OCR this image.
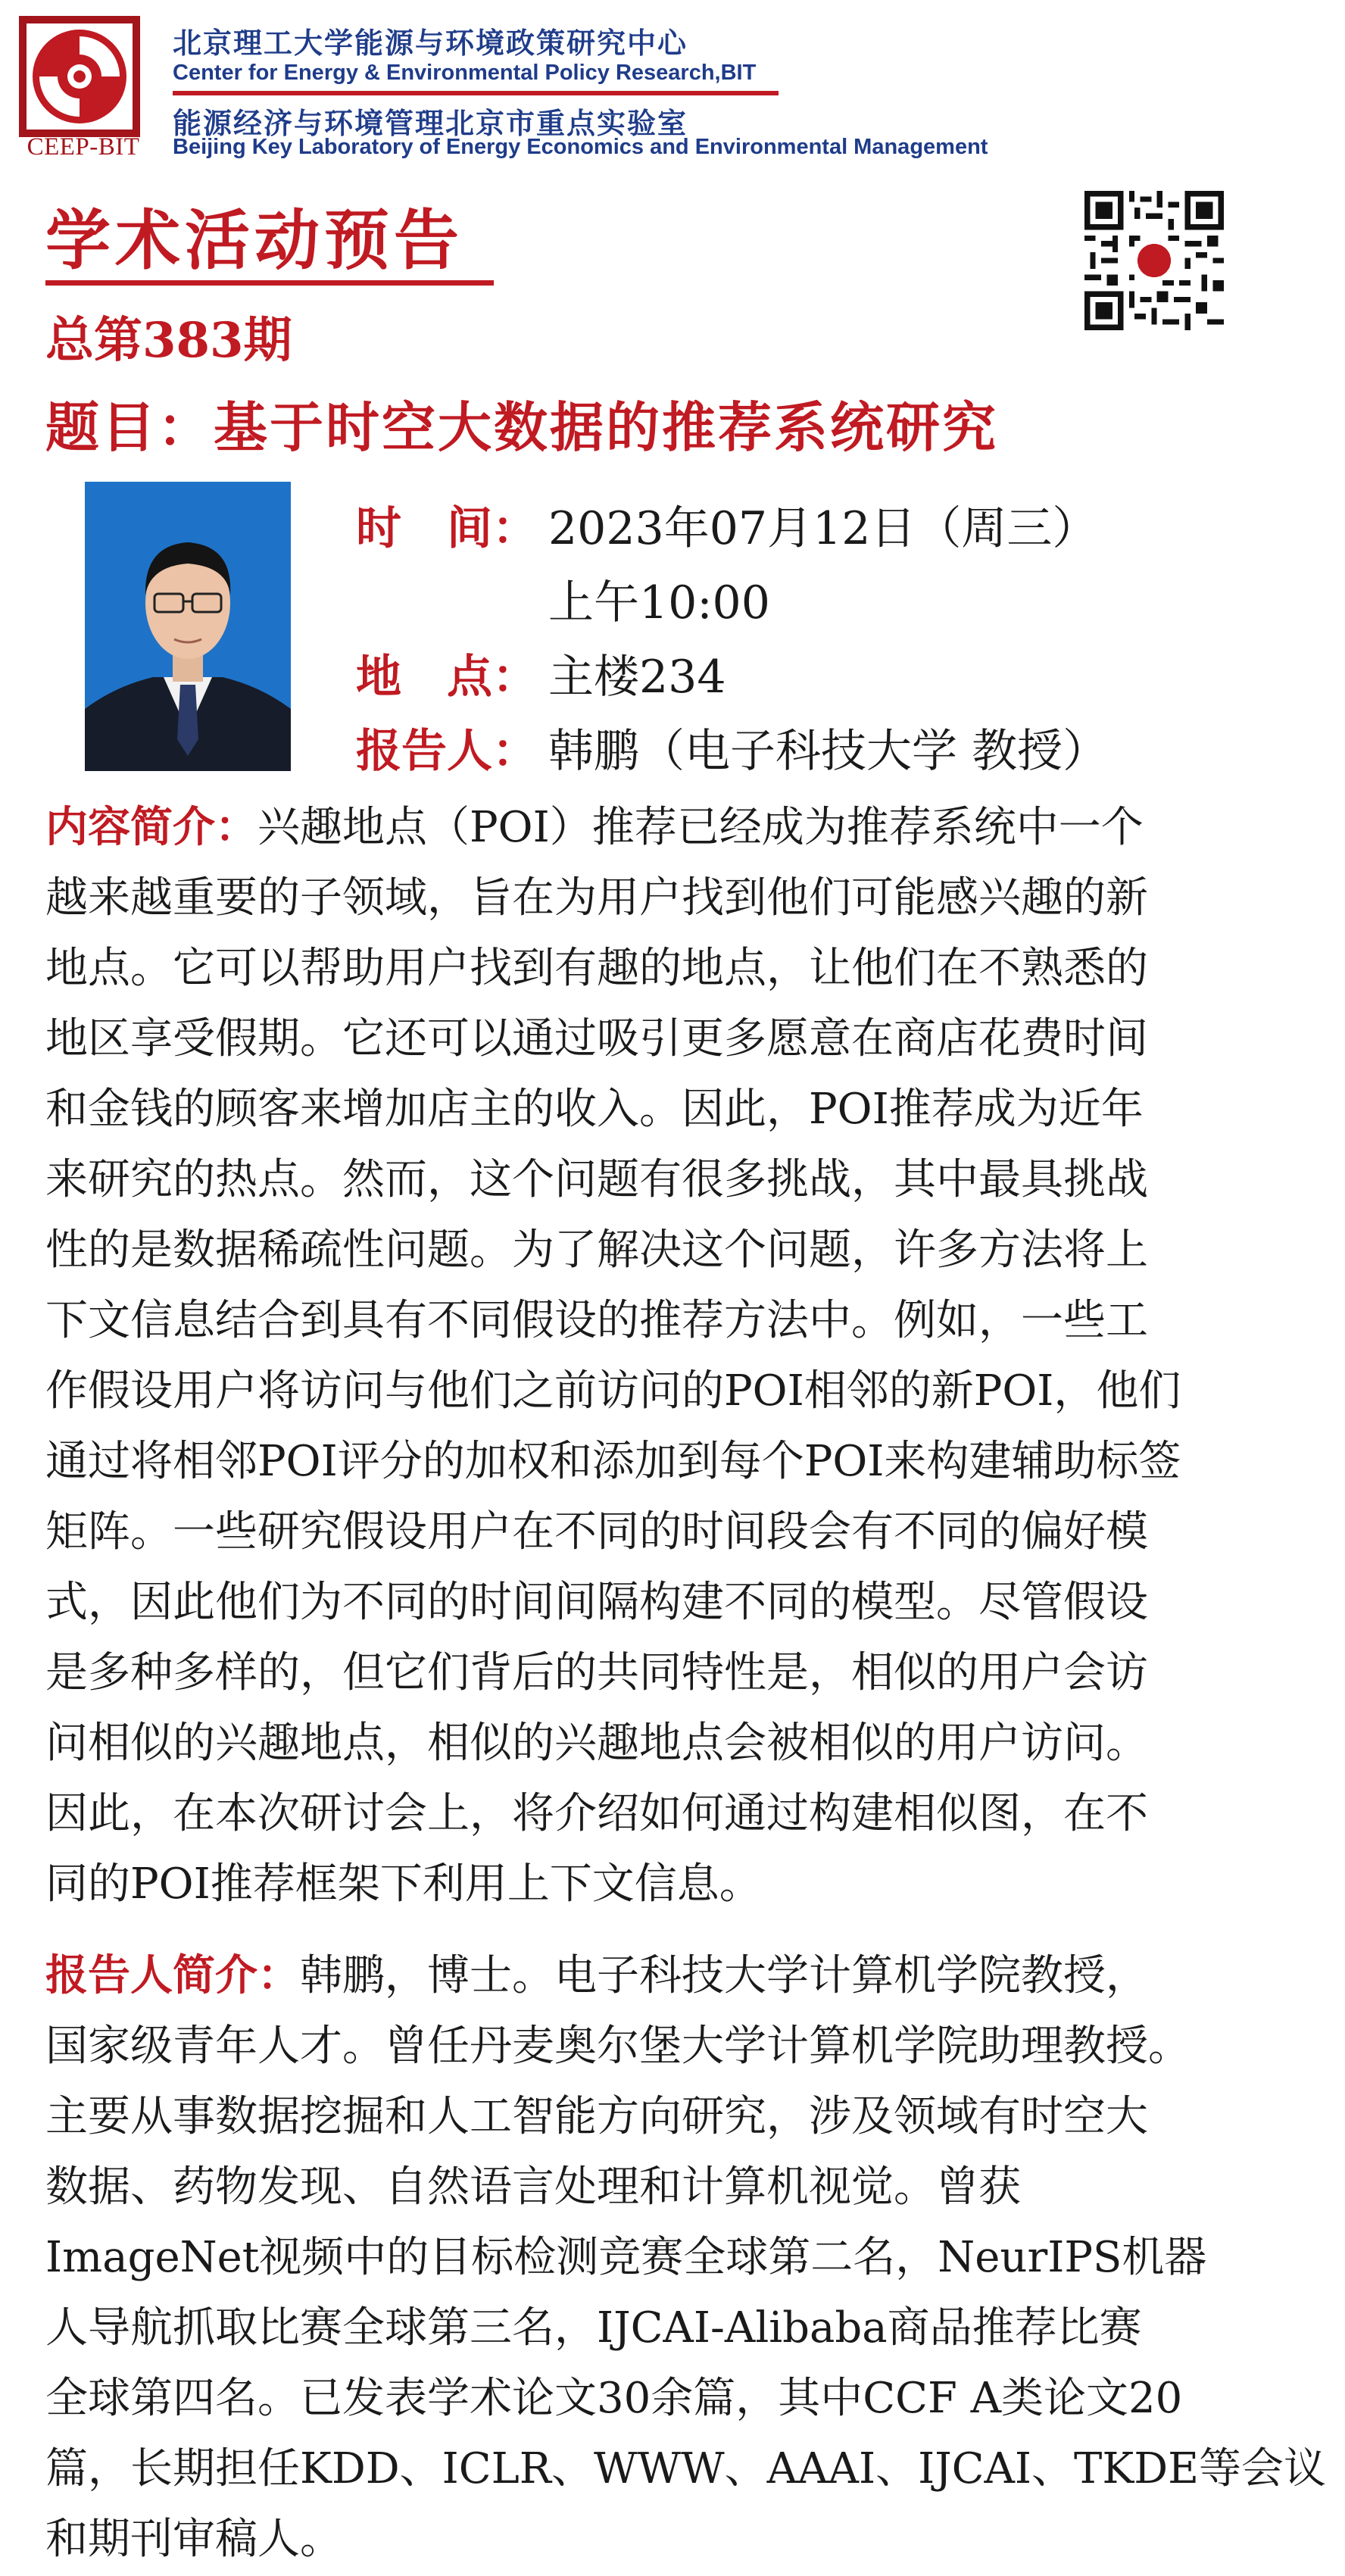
CEEP-BIT
北京理工大学能源与环境政策研究中心
Center for Energy & Environmental Policy Research,BIT
能源经济与环境管理北京市重点实验室
Beijing Key Laboratory of Energy Economics and Environmental Management
学术活动预告
总第383期
题目：基于时空大数据的推荐系统研究
时　间： 2023年07月12日（周三）
上午10:00
地　点： 主楼234
报告人： 韩鹏（电子科技大学 教授）
内容简介：兴趣地点（POI）推荐已经成为推荐系统中一个
越来越重要的子领域，旨在为用户找到他们可能感兴趣的新
地点。它可以帮助用户找到有趣的地点，让他们在不熟悉的
地区享受假期。它还可以通过吸引更多愿意在商店花费时间
和金钱的顾客来增加店主的收入。因此，POI推荐成为近年
来研究的热点。然而，这个问题有很多挑战，其中最具挑战
性的是数据稀疏性问题。为了解决这个问题，许多方法将上
下文信息结合到具有不同假设的推荐方法中。例如，一些工
作假设用户将访问与他们之前访问的POI相邻的新POI，他们
通过将相邻POI评分的加权和添加到每个POI来构建辅助标签
矩阵。一些研究假设用户在不同的时间段会有不同的偏好模
式，因此他们为不同的时间间隔构建不同的模型。尽管假设
是多种多样的，但它们背后的共同特性是，相似的用户会访
问相似的兴趣地点，相似的兴趣地点会被相似的用户访问。
因此，在本次研讨会上，将介绍如何通过构建相似图，在不
同的POI推荐框架下利用上下文信息。
报告人简介：韩鹏，博士。电子科技大学计算机学院教授，
国家级青年人才。曾任丹麦奥尔堡大学计算机学院助理教授。
主要从事数据挖掘和人工智能方向研究，涉及领域有时空大
数据、药物发现、自然语言处理和计算机视觉。曾获
ImageNet视频中的目标检测竞赛全球第二名，NeurIPS机器
人导航抓取比赛全球第三名，IJCAI-Alibaba商品推荐比赛
全球第四名。已发表学术论文30余篇，其中CCF A类论文20
篇，长期担任KDD、ICLR、WWW、AAAI、IJCAI、TKDE等会议
和期刊审稿人。
